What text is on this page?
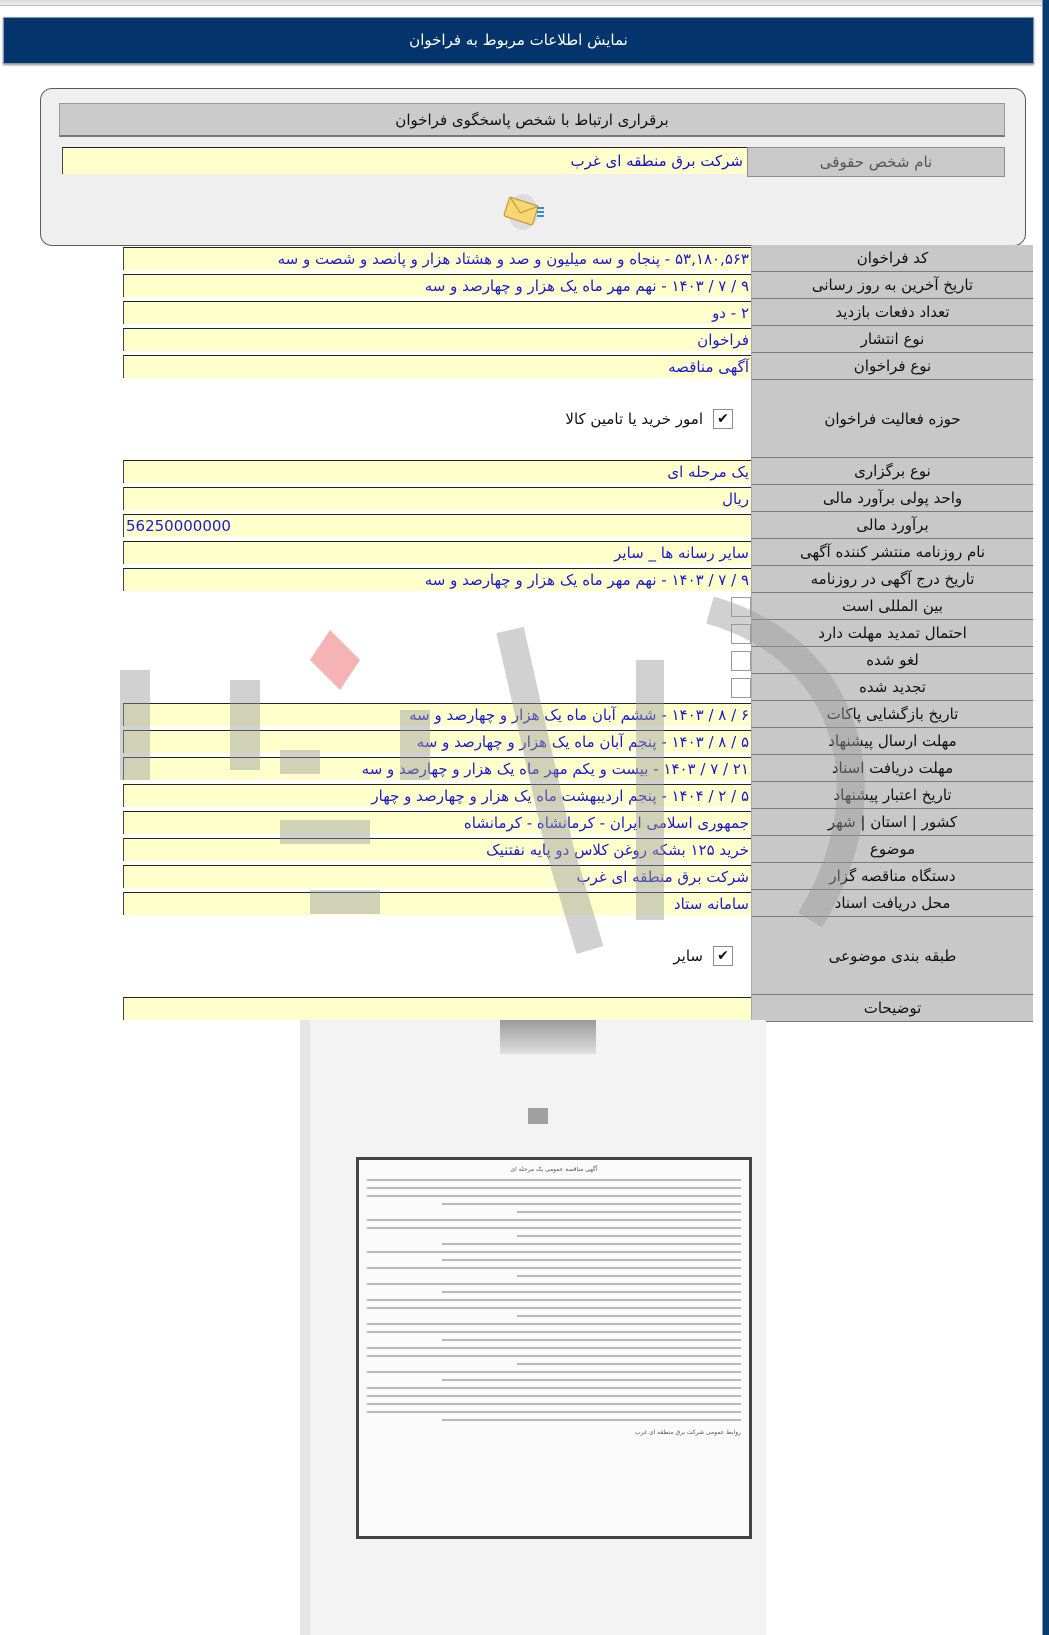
نمایش اطلاعات مربوط به فراخوان
برقراری ارتباط با شخص پاسخگوی فراخوان
نام شخص حقوقی
شرکت برق منطقه ای غرب
کد فراخوان
۵۳,۱۸۰,۵۶۳ - پنجاه و سه میلیون و صد و هشتاد هزار و پانصد و شصت و سه
تاریخ آخرین به روز رسانی
۹ / ۷ / ۱۴۰۳ - نهم مهر ماه یک هزار و چهارصد و سه
تعداد دفعات بازدید
۲ - دو
نوع انتشار
فراخوان
نوع فراخوان
آگهی مناقصه
حوزه فعالیت فراخوان
✔
امور خرید یا تامین کالا
نوع برگزاری
یک مرحله ای
واحد پولی برآورد مالی
ریال
برآورد مالی
56250000000
نام روزنامه منتشر کننده آگهی
سایر رسانه ها _ سایر
تاریخ درج آگهی در روزنامه
۹ / ۷ / ۱۴۰۳ - نهم مهر ماه یک هزار و چهارصد و سه
بین المللی است
احتمال تمدید مهلت دارد
لغو شده
تجدید شده
تاریخ بازگشایی پاکات
۶ / ۸ / ۱۴۰۳ - ششم آبان ماه یک هزار و چهارصد و سه
مهلت ارسال پیشنهاد
۵ / ۸ / ۱۴۰۳ - پنجم آبان ماه یک هزار و چهارصد و سه
مهلت دریافت اسناد
۲۱ / ۷ / ۱۴۰۳ - بیست و یکم مهر ماه یک هزار و چهارصد و سه
تاریخ اعتبار پیشنهاد
۵ / ۲ / ۱۴۰۴ - پنجم اردیبهشت ماه یک هزار و چهارصد و چهار
کشور | استان | شهر
جمهوری اسلامی ایران - کرمانشاه - کرمانشاه
موضوع
خرید ۱۲۵ بشکه روغن کلاس دو پایه نفتنیک
دستگاه مناقصه گزار
شرکت برق منطقه ای غرب
محل دریافت اسناد
سامانه ستاد
طبقه بندی موضوعی
✔
سایر
توضیحات
آگهی مناقصه عمومی یک مرحله ای
روابط عمومی شرکت برق منطقه ای غرب
